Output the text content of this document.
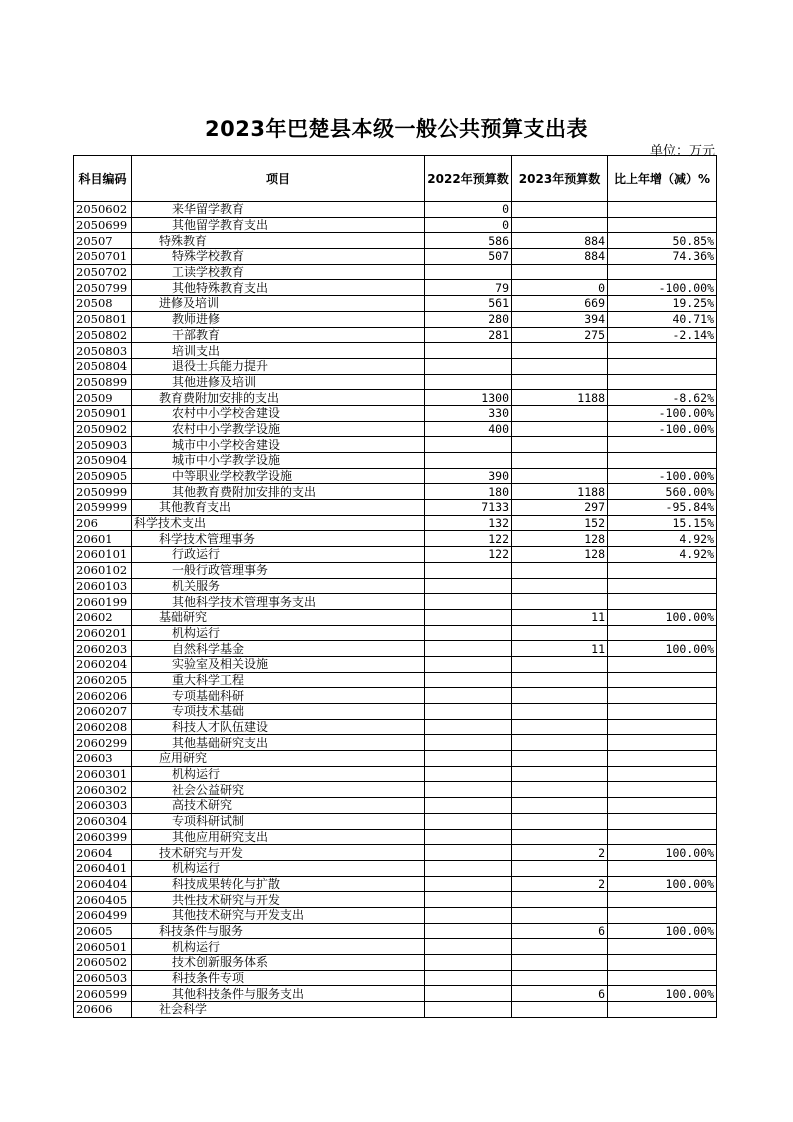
2023年巴楚县本级一般公共预算支出表
单位：万元
科目编码	项目	2022年预算数	2023年预算数	比上年增（减）%
2050602	来华留学教育	0		
2050699	其他留学教育支出	0		
20507	特殊教育	586	884	50.85%
2050701	特殊学校教育	507	884	74.36%
2050702	工读学校教育			
2050799	其他特殊教育支出	79	0	-100.00%
20508	进修及培训	561	669	19.25%
2050801	教师进修	280	394	40.71%
2050802	干部教育	281	275	-2.14%
2050803	培训支出			
2050804	退役士兵能力提升			
2050899	其他进修及培训			
20509	教育费附加安排的支出	1300	1188	-8.62%
2050901	农村中小学校舍建设	330		-100.00%
2050902	农村中小学教学设施	400		-100.00%
2050903	城市中小学校舍建设			
2050904	城市中小学教学设施			
2050905	中等职业学校教学设施	390		-100.00%
2050999	其他教育费附加安排的支出	180	1188	560.00%
2059999	其他教育支出	7133	297	-95.84%
206	科学技术支出	132	152	15.15%
20601	科学技术管理事务	122	128	4.92%
2060101	行政运行	122	128	4.92%
2060102	一般行政管理事务			
2060103	机关服务			
2060199	其他科学技术管理事务支出			
20602	基础研究		11	100.00%
2060201	机构运行			
2060203	自然科学基金		11	100.00%
2060204	实验室及相关设施			
2060205	重大科学工程			
2060206	专项基础科研			
2060207	专项技术基础			
2060208	科技人才队伍建设			
2060299	其他基础研究支出			
20603	应用研究			
2060301	机构运行			
2060302	社会公益研究			
2060303	高技术研究			
2060304	专项科研试制			
2060399	其他应用研究支出			
20604	技术研究与开发		2	100.00%
2060401	机构运行			
2060404	科技成果转化与扩散		2	100.00%
2060405	共性技术研究与开发			
2060499	其他技术研究与开发支出			
20605	科技条件与服务		6	100.00%
2060501	机构运行			
2060502	技术创新服务体系			
2060503	科技条件专项			
2060599	其他科技条件与服务支出		6	100.00%
20606	社会科学			
